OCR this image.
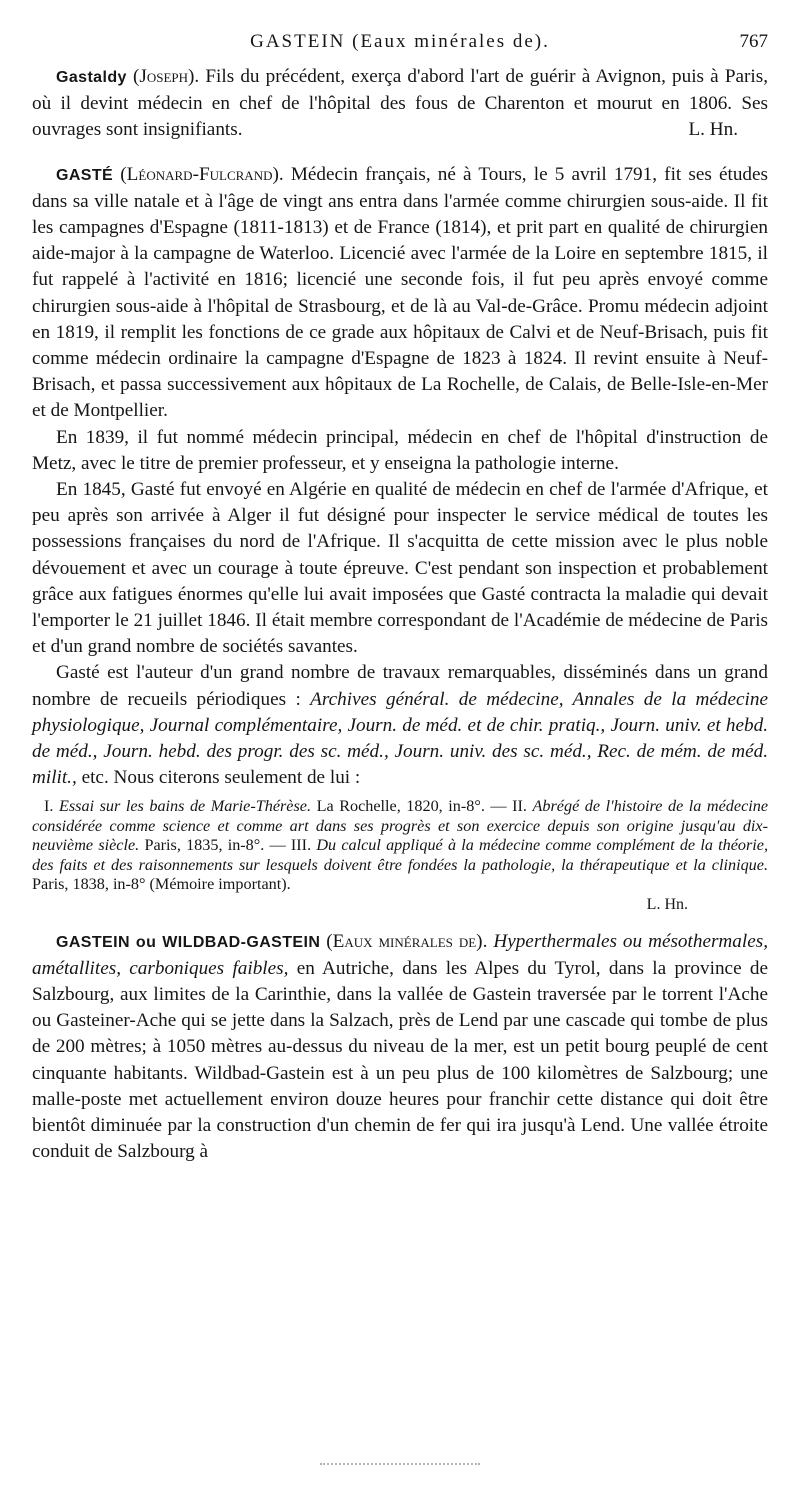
GASTEIN (Eaux minérales de).	767

Gastaldy (Joseph). Fils du précédent, exerça d'abord l'art de guérir à Avignon, puis à Paris, où il devint médecin en chef de l'hôpital des fous de Charenton et mourut en 1806. Ses ouvrages sont insignifiants.	L. Hn.

GASTÉ (Léonard-Fulcrand). Médecin français, né à Tours, le 5 avril 1791, fit ses études dans sa ville natale et à l'âge de vingt ans entra dans l'armée comme chirurgien sous-aide. Il fit les campagnes d'Espagne (1811-1813) et de France (1814), et prit part en qualité de chirurgien aide-major à la campagne de Waterloo. Licencié avec l'armée de la Loire en septembre 1815, il fut rappelé à l'activité en 1816; licencié une seconde fois, il fut peu après envoyé comme chirurgien sous-aide à l'hôpital de Strasbourg, et de là au Val-de-Grâce. Promu médecin adjoint en 1819, il remplit les fonctions de ce grade aux hôpitaux de Calvi et de Neuf-Brisach, puis fit comme médecin ordinaire la campagne d'Espagne de 1823 à 1824. Il revint ensuite à Neuf-Brisach, et passa successivement aux hôpitaux de La Rochelle, de Calais, de Belle-Isle-en-Mer et de Montpellier.

En 1839, il fut nommé médecin principal, médecin en chef de l'hôpital d'instruction de Metz, avec le titre de premier professeur, et y enseigna la pathologie interne.

En 1845, Gasté fut envoyé en Algérie en qualité de médecin en chef de l'armée d'Afrique, et peu après son arrivée à Alger il fut désigné pour inspecter le service médical de toutes les possessions françaises du nord de l'Afrique. Il s'acquitta de cette mission avec le plus noble dévouement et avec un courage à toute épreuve. C'est pendant son inspection et probablement grâce aux fatigues énormes qu'elle lui avait imposées que Gasté contracta la maladie qui devait l'emporter le 21 juillet 1846. Il était membre correspondant de l'Académie de médecine de Paris et d'un grand nombre de sociétés savantes.

Gasté est l'auteur d'un grand nombre de travaux remarquables, disséminés dans un grand nombre de recueils périodiques : Archives général. de médecine, Annales de la médecine physiologique, Journal complémentaire, Journ. de méd. et de chir. pratiq., Journ. univ. et hebd. de méd., Journ. hebd. des progr. des sc. méd., Journ. univ. des sc. méd., Rec. de mém. de méd. milit., etc. Nous citerons seulement de lui :

I. Essai sur les bains de Marie-Thérèse. La Rochelle, 1820, in-8°. — II. Abrégé de l'histoire de la médecine considérée comme science et comme art dans ses progrès et son exercice depuis son origine jusqu'au dix-neuvième siècle. Paris, 1835, in-8°. — III. Du calcul appliqué à la médecine comme complément de la théorie, des faits et des raisonnements sur lesquels doivent être fondées la pathologie, la thérapeutique et la clinique. Paris, 1838, in-8° (Mémoire important).

L. Hn.

GASTEIN ou WILDBAD-GASTEIN (Eaux minérales de). Hyperthermales ou mésothermales, amétallites, carboniques faibles, en Autriche, dans les Alpes du Tyrol, dans la province de Salzbourg, aux limites de la Carinthie, dans la vallée de Gastein traversée par le torrent l'Ache ou Gasteiner-Ache qui se jette dans la Salzach, près de Lend par une cascade qui tombe de plus de 200 mètres; à 1050 mètres au-dessus du niveau de la mer, est un petit bourg peuplé de cent cinquante habitants. Wildbad-Gastein est à un peu plus de 100 kilomètres de Salzbourg; une malle-poste met actuellement environ douze heures pour franchir cette distance qui doit être bientôt diminuée par la construction d'un chemin de fer qui ira jusqu'à Lend. Une vallée étroite conduit de Salzbourg à
